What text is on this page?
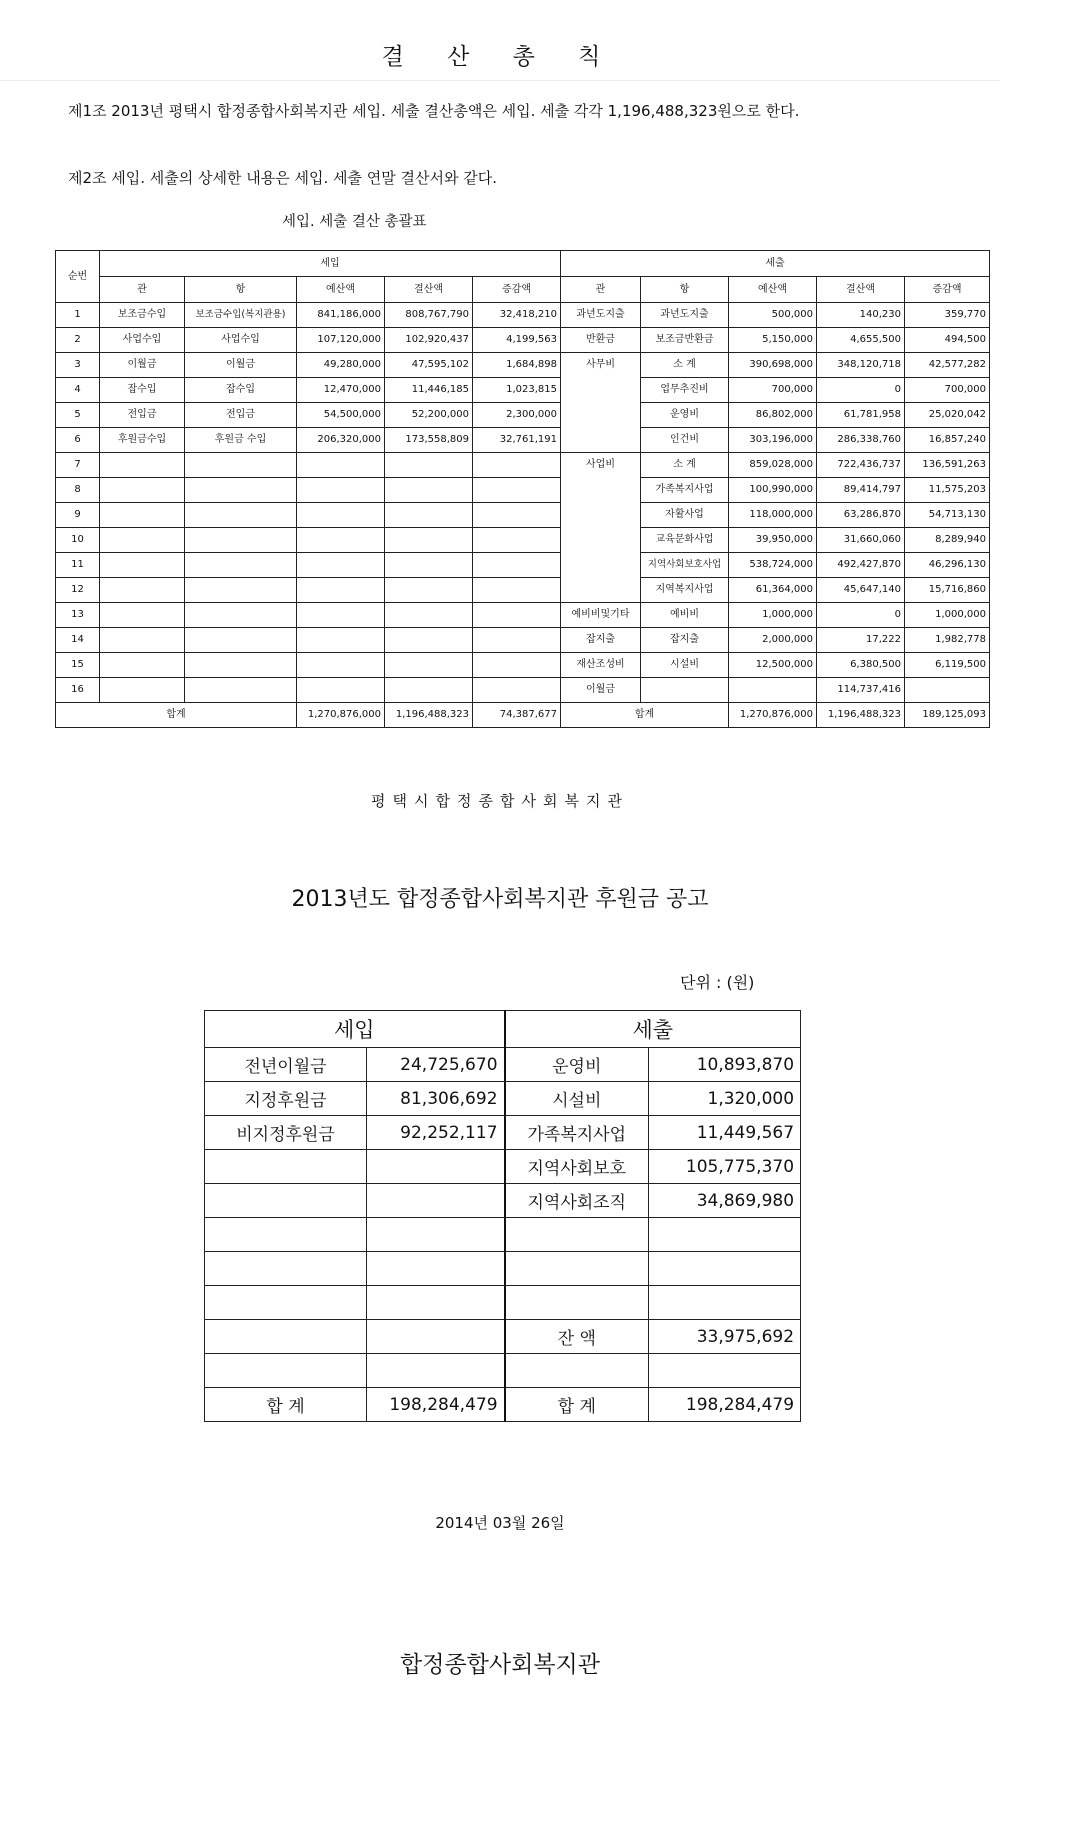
결 산 총 칙
제1조 2013년 평택시 합정종합사회복지관 세입. 세출 결산총액은 세입. 세출 각각 1,196,488,323원으로 한다.
제2조 세입. 세출의 상세한 내용은 세입. 세출 연말 결산서와 같다.
세입. 세출 결산 총괄표
순번	세입					세출				
	관	항	예산액	결산액	증감액	관	항	예산액	결산액	증감액
1	보조금수입	보조금수입(복지관용)	841,186,000	808,767,790	32,418,210	과년도지출	과년도지출	500,000	140,230	359,770
2	사업수입	사업수입	107,120,000	102,920,437	4,199,563	반환금	보조금반환금	5,150,000	4,655,500	494,500
3	이월금	이월금	49,280,000	47,595,102	1,684,898	사무비	소 계	390,698,000	348,120,718	42,577,282
4	잡수입	잡수입	12,470,000	11,446,185	1,023,815		업무추진비	700,000	0	700,000
5	전입금	전입금	54,500,000	52,200,000	2,300,000		운영비	86,802,000	61,781,958	25,020,042
6	후원금수입	후원금 수입	206,320,000	173,558,809	32,761,191		인건비	303,196,000	286,338,760	16,857,240
7						사업비	소 계	859,028,000	722,436,737	136,591,263
8							가족복지사업	100,990,000	89,414,797	11,575,203
9							자활사업	118,000,000	63,286,870	54,713,130
10							교육문화사업	39,950,000	31,660,060	8,289,940
11							지역사회보호사업	538,724,000	492,427,870	46,296,130
12							지역복지사업	61,364,000	45,647,140	15,716,860
13						예비비및기타	예비비	1,000,000	0	1,000,000
14						잡지출	잡지출	2,000,000	17,222	1,982,778
15						재산조성비	시설비	12,500,000	6,380,500	6,119,500
16						이월금			114,737,416	
합계			1,270,876,000	1,196,488,323	74,387,677	합계		1,270,876,000	1,196,488,323	189,125,093
평택시합정종합사회복지관
2013년도 합정종합사회복지관 후원금 공고
단위 : (원)
세입		세출	
전년이월금	24,725,670	운영비	10,893,870
지정후원금	81,306,692	시설비	1,320,000
비지정후원금	92,252,117	가족복지사업	11,449,567
		지역사회보호	105,775,370
		지역사회조직	34,869,980

		잔 액	33,975,692

합 계	198,284,479	합 계	198,284,479
2014년 03월 26일
합정종합사회복지관
